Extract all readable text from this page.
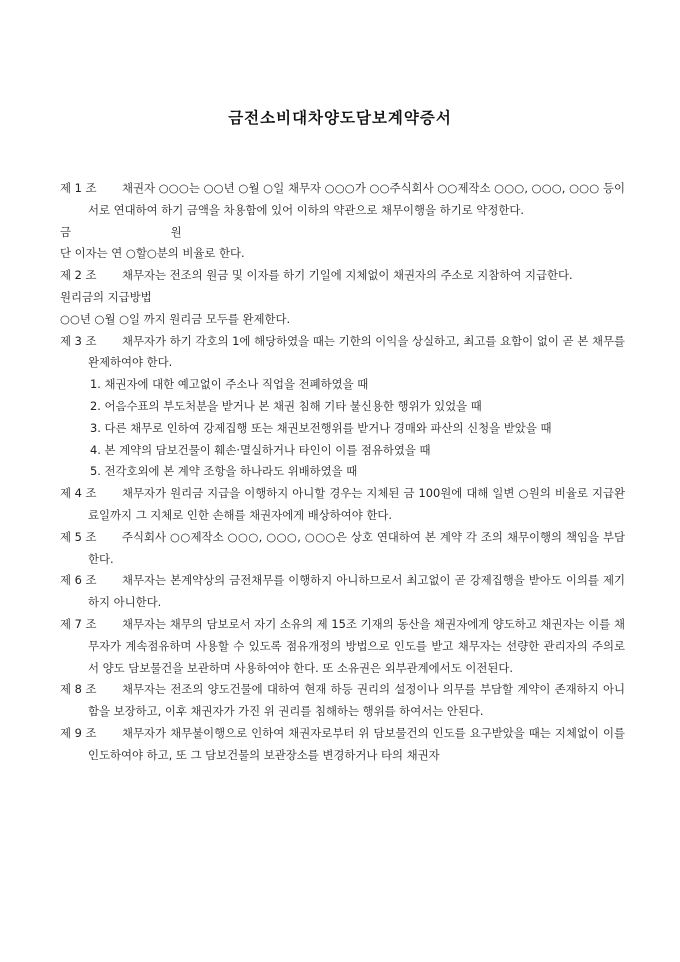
금전소비대차양도담보계약증서
제 1 조	채권자 ○○○는 ○○년 ○월 ○일 채무자 ○○○가 ○○주식회사 ○○제작소 ○○○, ○○○, ○○○ 등이 서로 연대하여 하기 금액을 차용함에 있어 이하의 약관으로 채무이행을 하기로 약정한다.
금	원
단 이자는 연 ○할○분의 비율로 한다.
제 2 조	채무자는 전조의 원금 및 이자를 하기 기일에 지체없이 채권자의 주소로 지참하여 지급한다.
원리금의 지급방법
○○년 ○월 ○일 까지 원리금 모두를 완제한다.
제 3 조	채무자가 하기 각호의 1에 해당하였을 때는 기한의 이익을 상실하고, 최고를 요함이 없이 곧 본 채무를 완제하여야 한다.
1. 채권자에 대한 예고없이 주소나 직업을 전폐하였을 때
2. 어음수표의 부도처분을 받거나 본 채권 침해 기타 불신용한 행위가 있었을 때
3. 다른 채무로 인하여 강제집행 또는 채권보전행위를 받거나 경매와 파산의 신청을 받았을 때
4. 본 계약의 담보건물이 훼손·멸실하거나 타인이 이를 점유하였을 때
5. 전각호외에 본 계약 조항을 하나라도 위배하였을 때
제 4 조	채무자가 원리금 지급을 이행하지 아니할 경우는 지체된 금 100원에 대해 일변 ○원의 비율로 지급완료일까지 그 지체로 인한 손해를 채권자에게 배상하여야 한다.
제 5 조	주식회사 ○○제작소 ○○○, ○○○, ○○○은 상호 연대하여 본 계약 각 조의 채무이행의 책임을 부담한다.
제 6 조	채무자는 본계약상의 금전채무를 이행하지 아니하므로서 최고없이 곧 강제집행을 받아도 이의를 제기하지 아니한다.
제 7 조	채무자는 채무의 담보로서 자기 소유의 제 15조 기재의 동산을 채권자에게 양도하고 채권자는 이를 채무자가 계속점유하며 사용할 수 있도록 점유개정의 방법으로 인도를 받고 채무자는 선량한 관리자의 주의로서 양도 담보물건을 보관하며 사용하여야 한다. 또 소유권은 외부관계에서도 이전된다.
제 8 조	채무자는 전조의 양도건물에 대하여 현재 하등 권리의 설정이나 의무를 부담할 계약이 존재하지 아니함을 보장하고, 이후 채권자가 가진 위 권리를 침해하는 행위를 하여서는 안된다.
제 9 조	채무자가 채무불이행으로 인하여 채권자로부터 위 담보물건의 인도를 요구받았을 때는 지체없이 이를 인도하여야 하고, 또 그 담보건물의 보관장소를 변경하거나 타의 채권자
